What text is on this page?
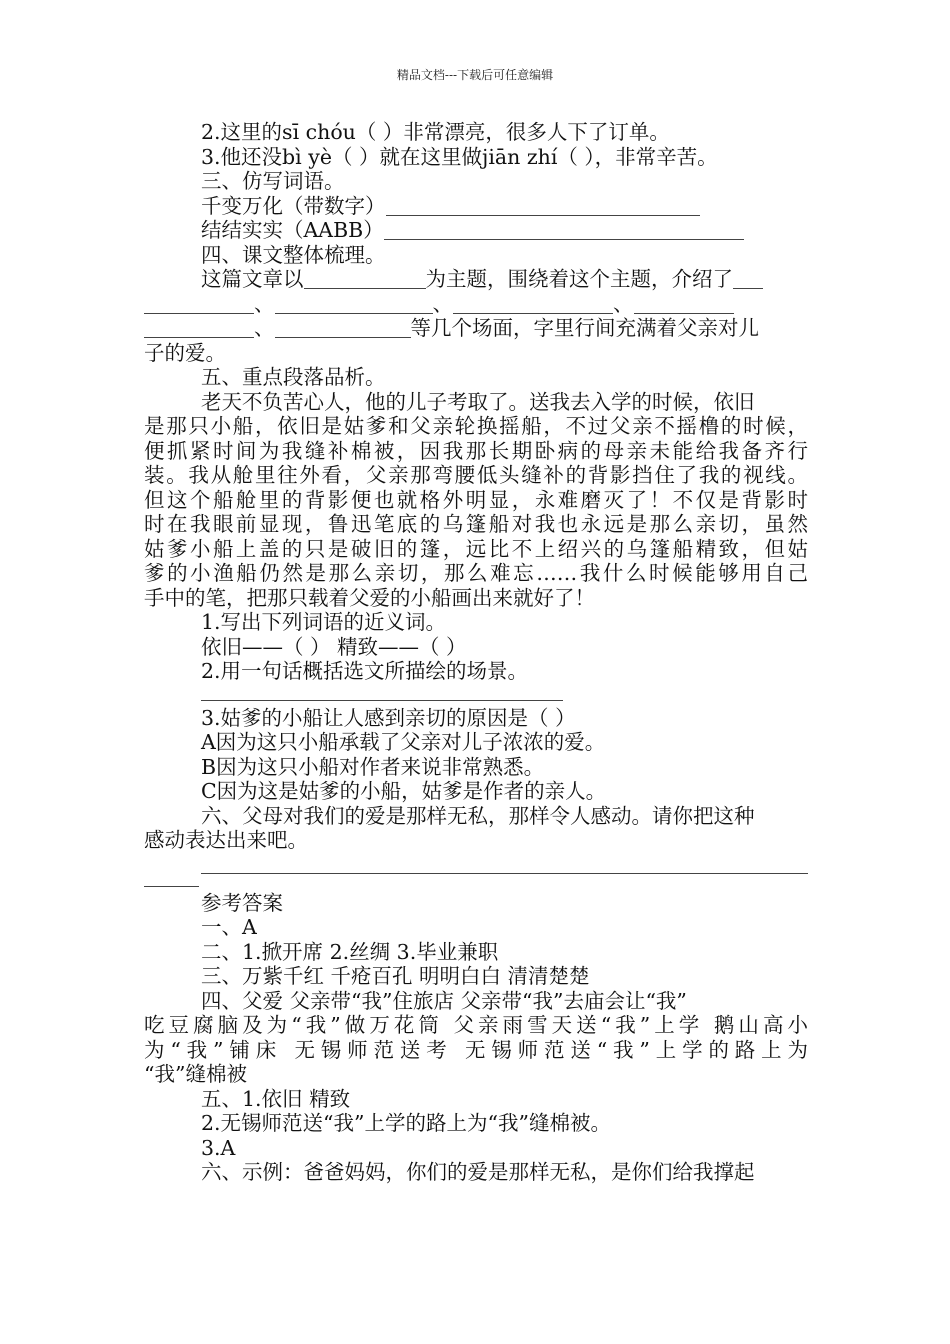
精品文档---下载后可任意编辑
2.这里的sī chóu（ ）非常漂亮，很多人下了订单。
3.他还没bì yè（ ）就在这里做jiān zhí（ ），非常辛苦。
三、仿写词语。
千变万化（带数字）
结结实实（AABB）
四、课文整体梳理。
这篇文章以	为主题，围绕着这个主题，介绍了
、	、	、
、	等几个场面，字里行间充满着父亲对儿
子的爱。
五、重点段落品析。
老天不负苦心人，他的儿子考取了。送我去入学的时候，依旧
是那只小船，依旧是姑爹和父亲轮换摇船，不过父亲不摇橹的时候，
便抓紧时间为我缝补棉被，因我那长期卧病的母亲未能给我备齐行
装。我从舱里往外看，父亲那弯腰低头缝补的背影挡住了我的视线。
但这个船舱里的背影便也就格外明显，永难磨灭了！不仅是背影时
时在我眼前显现，鲁迅笔底的乌篷船对我也永远是那么亲切，虽然
姑爹小船上盖的只是破旧的篷，远比不上绍兴的乌篷船精致，但姑
爹的小渔船仍然是那么亲切，那么难忘……我什么时候能够用自己
手中的笔，把那只载着父爱的小船画出来就好了！
1.写出下列词语的近义词。
依旧——（ ） 精致——（ ）
2.用一句话概括选文所描绘的场景。
3.姑爹的小船让人感到亲切的原因是（ ）
A因为这只小船承载了父亲对儿子浓浓的爱。
B因为这只小船对作者来说非常熟悉。
C因为这是姑爹的小船，姑爹是作者的亲人。
六、父母对我们的爱是那样无私，那样令人感动。请你把这种
感动表达出来吧。
参考答案
一、A
二、1.掀开席 2.丝绸 3.毕业兼职
三、万紫千红 千疮百孔 明明白白 清清楚楚
四、父爱 父亲带“我”住旅店 父亲带“我”去庙会让“我”
吃豆腐脑及为“我”做万花筒 父亲雨雪天送“我”上学 鹅山高小
为“我”铺床 无锡师范送考 无锡师范送“我”上学的路上为
“我”缝棉被
五、1.依旧 精致
2.无锡师范送“我”上学的路上为“我”缝棉被。
3.A
六、示例：爸爸妈妈，你们的爱是那样无私，是你们给我撑起
